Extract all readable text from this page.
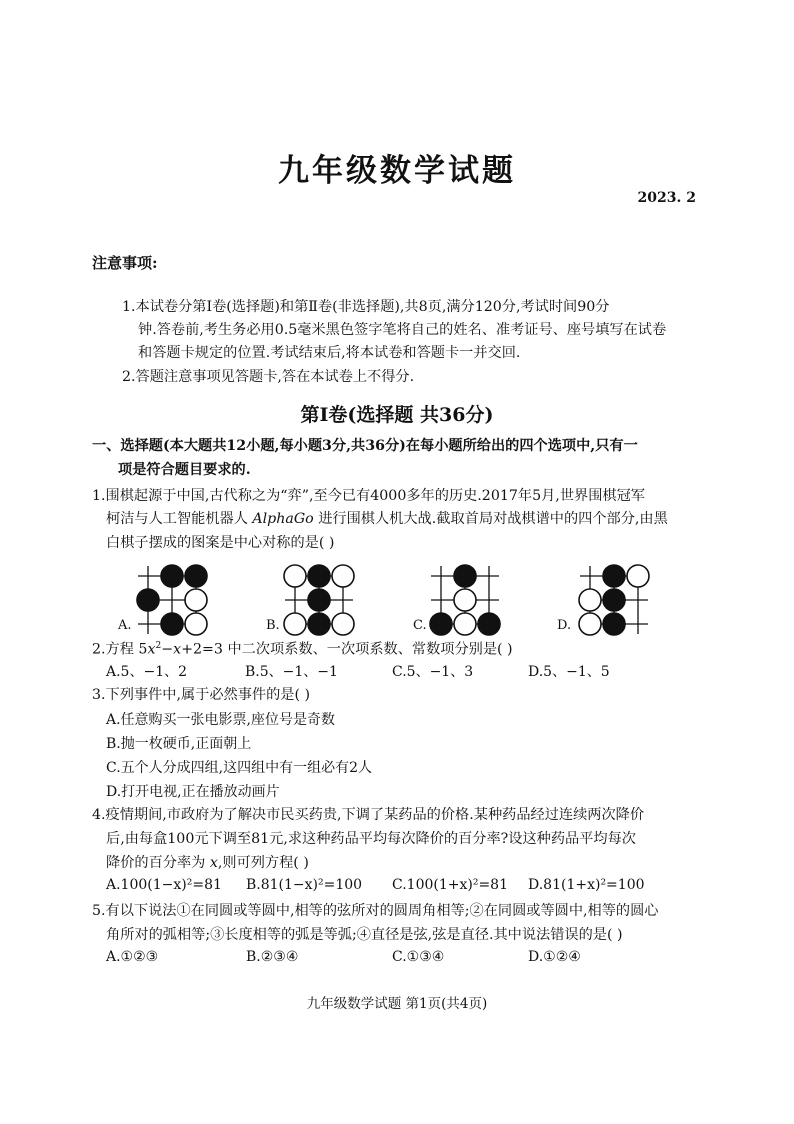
九年级数学试题
2023. 2
注意事项:
1.本试卷分第Ⅰ卷(选择题)和第Ⅱ卷(非选择题),共8页,满分120分,考试时间90分
钟.答卷前,考生务必用0.5毫米黑色签字笔将自己的姓名、准考证号、座号填写在试卷
和答题卡规定的位置.考试结束后,将本试卷和答题卡一并交回.
2.答题注意事项见答题卡,答在本试卷上不得分.
第Ⅰ卷(选择题 共36分)
一、选择题(本大题共12小题,每小题3分,共36分)在每小题所给出的四个选项中,只有一
项是符合题目要求的.
1.围棋起源于中国,古代称之为“弈”,至今已有4000多年的历史.2017年5月,世界围棋冠军
柯洁与人工智能机器人 AlphaGo 进行围棋人机大战.截取首局对战棋谱中的四个部分,由黑
白棋子摆成的图案是中心对称的是( )
A.	B.	C.	D.
2.方程 $5x^2-x+2=3$ 中二次项系数、一次项系数、常数项分别是( )
A.5、−1、2	B.5、−1、−1	C.5、−1、3	D.5、−1、5
3.下列事件中,属于必然事件的是( )
A.任意购买一张电影票,座位号是奇数
B.抛一枚硬币,正面朝上
C.五个人分成四组,这四组中有一组必有2人
D.打开电视,正在播放动画片
4.疫情期间,市政府为了解决市民买药贵,下调了某药品的价格.某种药品经过连续两次降价
后,由每盒100元下调至81元,求这种药品平均每次降价的百分率?设这种药品平均每次
降价的百分率为 x,则可列方程( )
A.100(1−x)²=81 B.81(1−x)²=100 C.100(1+x)²=81 D.81(1+x)²=100
5.有以下说法①在同圆或等圆中,相等的弦所对的圆周角相等;②在同圆或等圆中,相等的圆心
角所对的弧相等;③长度相等的弧是等弧;④直径是弦,弦是直径.其中说法错误的是( )
A.①②③	B.②③④	C.①③④	D.①②④
九年级数学试题 第1页(共4页)
